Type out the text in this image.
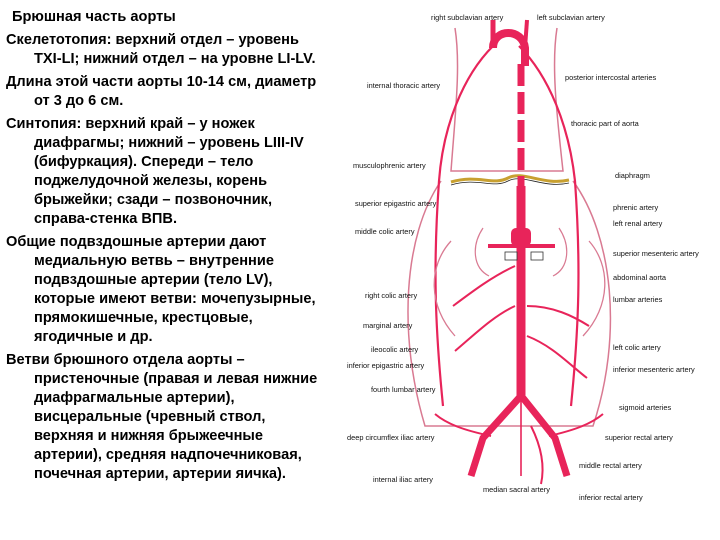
Брюшная часть аорты
Скелетотопия: верхний отдел – уровень ТXI-LI; нижний отдел – на уровне LI-LV.
Длина этой части аорты 10-14 см, диаметр от 3 до 6 см.
Синтопия: верхний край – у ножек диафрагмы; нижний – уровень LIII-IV (бифуркация). Спереди – тело поджелудочной железы, корень брыжейки; сзади – позвоночник, справа-стенка ВПВ.
Общие подвздошные артерии дают медиальную ветвь – внутренние подвздошные артерии (тело LV), которые имеют ветви: мочепузырные, прямокишечные, крестцовые, ягодичные и др.
Ветви брюшного отдела аорты – пристеночные (правая и левая нижние диафрагмальные артерии), висцеральные (чревный ствол, верхняя и нижняя брыжеечные артерии), средняя надпочечниковая, почечная артерии, артерии яичка).
right subclavian artery	left subclavian artery
internal thoracic artery
posterior intercostal arteries
thoracic part of aorta
musculophrenic artery
diaphragm
superior epigastric artery	phrenic artery
middle colic artery
left renal artery
superior mesenteric artery
abdominal aorta
right colic artery	lumbar arteries
marginal artery
left colic artery
ileocolic artery
inferior epigastric artery	inferior mesenteric artery
fourth lumbar artery
sigmoid arteries
deep circumflex iliac artery	superior rectal artery
middle rectal artery
internal iliac artery
median sacral artery
inferior rectal artery
